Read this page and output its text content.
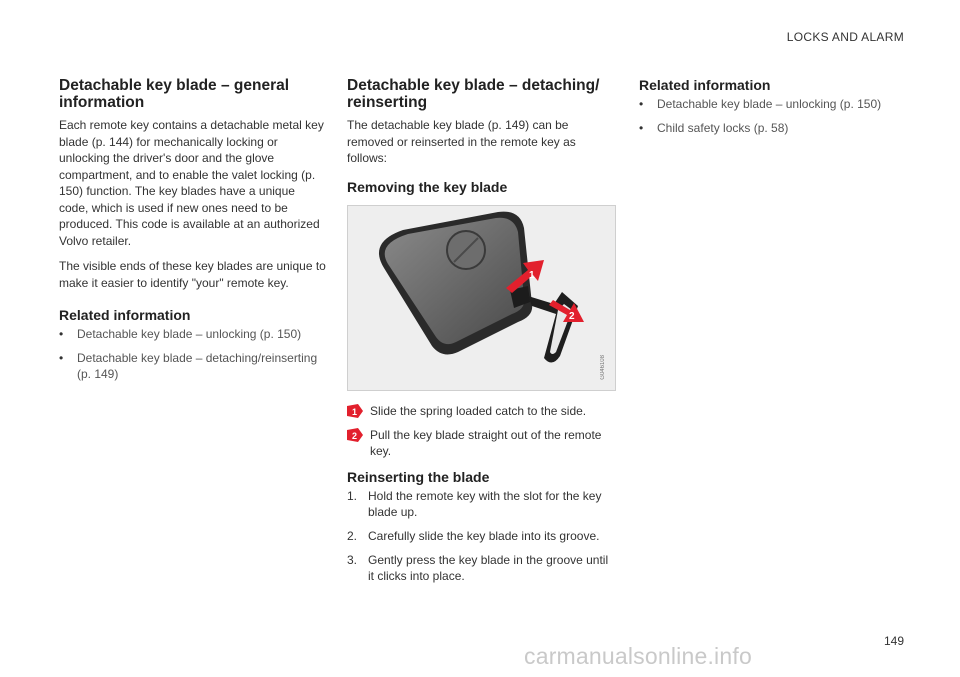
LOCKS AND ALARM
Detachable key blade – general information

Each remote key contains a detachable metal key blade (p. 144) for mechanically locking or unlocking the driver's door and the glove compartment, and to enable the valet locking (p. 150) function. The key blades have a unique code, which is used if new ones need to be produced. This code is available at an authorized Volvo retailer.

The visible ends of these key blades are unique to make it easier to identify "your" remote key.

Related information
• Detachable key blade – unlocking (p. 150)
• Detachable key blade – detaching/reinserting (p. 149)
Detachable key blade – detaching/ reinserting

The detachable key blade (p. 149) can be removed or reinserted in the remote key as follows:

Removing the key blade
1
2
G046108
1 Slide the spring loaded catch to the side.
2 Pull the key blade straight out of the remote key.
Reinserting the blade
1. Hold the remote key with the slot for the key blade up.
2. Carefully slide the key blade into its groove.
3. Gently press the key blade in the groove until it clicks into place.
Related information
• Detachable key blade – unlocking (p. 150)
• Child safety locks (p. 58)
149
carmanualsonline.info
